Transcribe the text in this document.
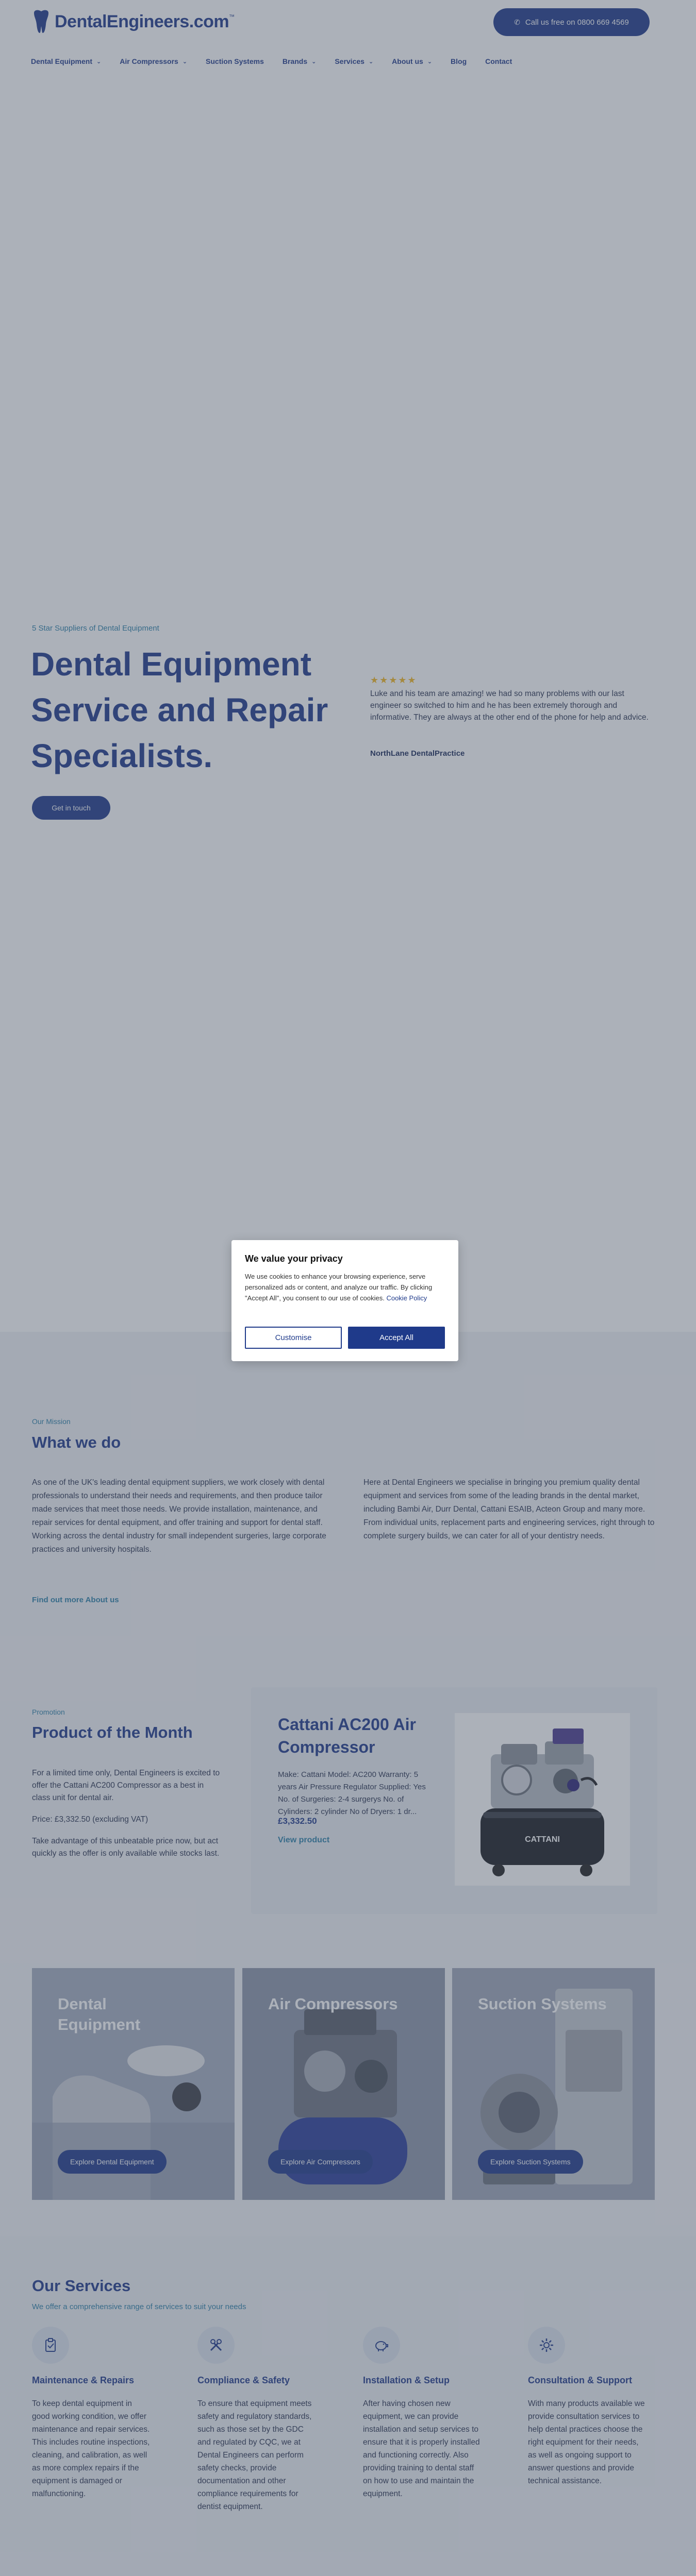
DentalEngineers.com ™
✆ Call us free on 0800 669 4569
Dental Equipment ⌄	Air Compressors ⌄	Suction Systems	Brands ⌄	Services ⌄	About us ⌄	Blog	Contact
5 Star Suppliers of Dental Equipment
Dental Equipment Service and Repair Specialists.
Get in touch
★★★★★
Luke and his team are amazing! we had so many problems with our last engineer so switched to him and he has been extremely thorough and informative. They are always at the other end of the phone for help and advice.
NorthLane DentalPractice
Our Mission
What we do
As one of the UK's leading dental equipment suppliers, we work closely with dental professionals to understand their needs and requirements, and then produce tailor made services that meet those needs. We provide installation, maintenance, and repair services for dental equipment, and offer training and support for dental staff. Working across the dental industry for small independent surgeries, large corporate practices and university hospitals.
Here at Dental Engineers we specialise in bringing you premium quality dental equipment and services from some of the leading brands in the dental market, including Bambi Air, Durr Dental, Cattani ESAIB, Acteon Group and many more. From individual units, replacement parts and engineering services, right through to complete surgery builds, we can cater for all of your dentistry needs.
Find out more About us
Promotion
Product of the Month

For a limited time only, Dental Engineers is excited to offer the Cattani AC200 Compressor as a best in class unit for dental air.

Price: £3,332.50 (excluding VAT)

Take advantage of this unbeatable price now, but act quickly as the offer is only available while stocks last.

Cattani AC200 Air Compressor
Make: Cattani Model: AC200 Warranty: 5 years Air Pressure Regulator Supplied: Yes No. of Surgeries: 2-4 surgerys No. of Cylinders: 2 cylinder No of Dryers: 1 dr...
£3,332.50
View product	CATTANI
Dental Equipment
Explore Dental Equipment
Air Compressors
Explore Air Compressors
Suction Systems
Explore Suction Systems
Our Services
We offer a comprehensive range of services to suit your needs
Maintenance & Repairs
To keep dental equipment in good working condition, we offer maintenance and repair services. This includes routine inspections, cleaning, and calibration, as well as more complex repairs if the equipment is damaged or malfunctioning.
Compliance & Safety
To ensure that equipment meets safety and regulatory standards, such as those set by the GDC and regulated by CQC, we at Dental Engineers can perform safety checks, provide documentation and other compliance requirements for dentist equipment.
Installation & Setup
After having chosen new equipment, we can provide installation and setup services to ensure that it is properly installed and functioning correctly. Also providing training to dental staff on how to use and maintain the equipment.
Consultation & Support
With many products available we provide consultation services to help dental practices choose the right equipment for their needs, as well as ongoing support to answer questions and provide technical assistance.
We value your privacy
We use cookies to enhance your browsing experience, serve personalized ads or content, and analyze our traffic. By clicking "Accept All", you consent to our use of cookies. Cookie Policy
Customise	Accept All
